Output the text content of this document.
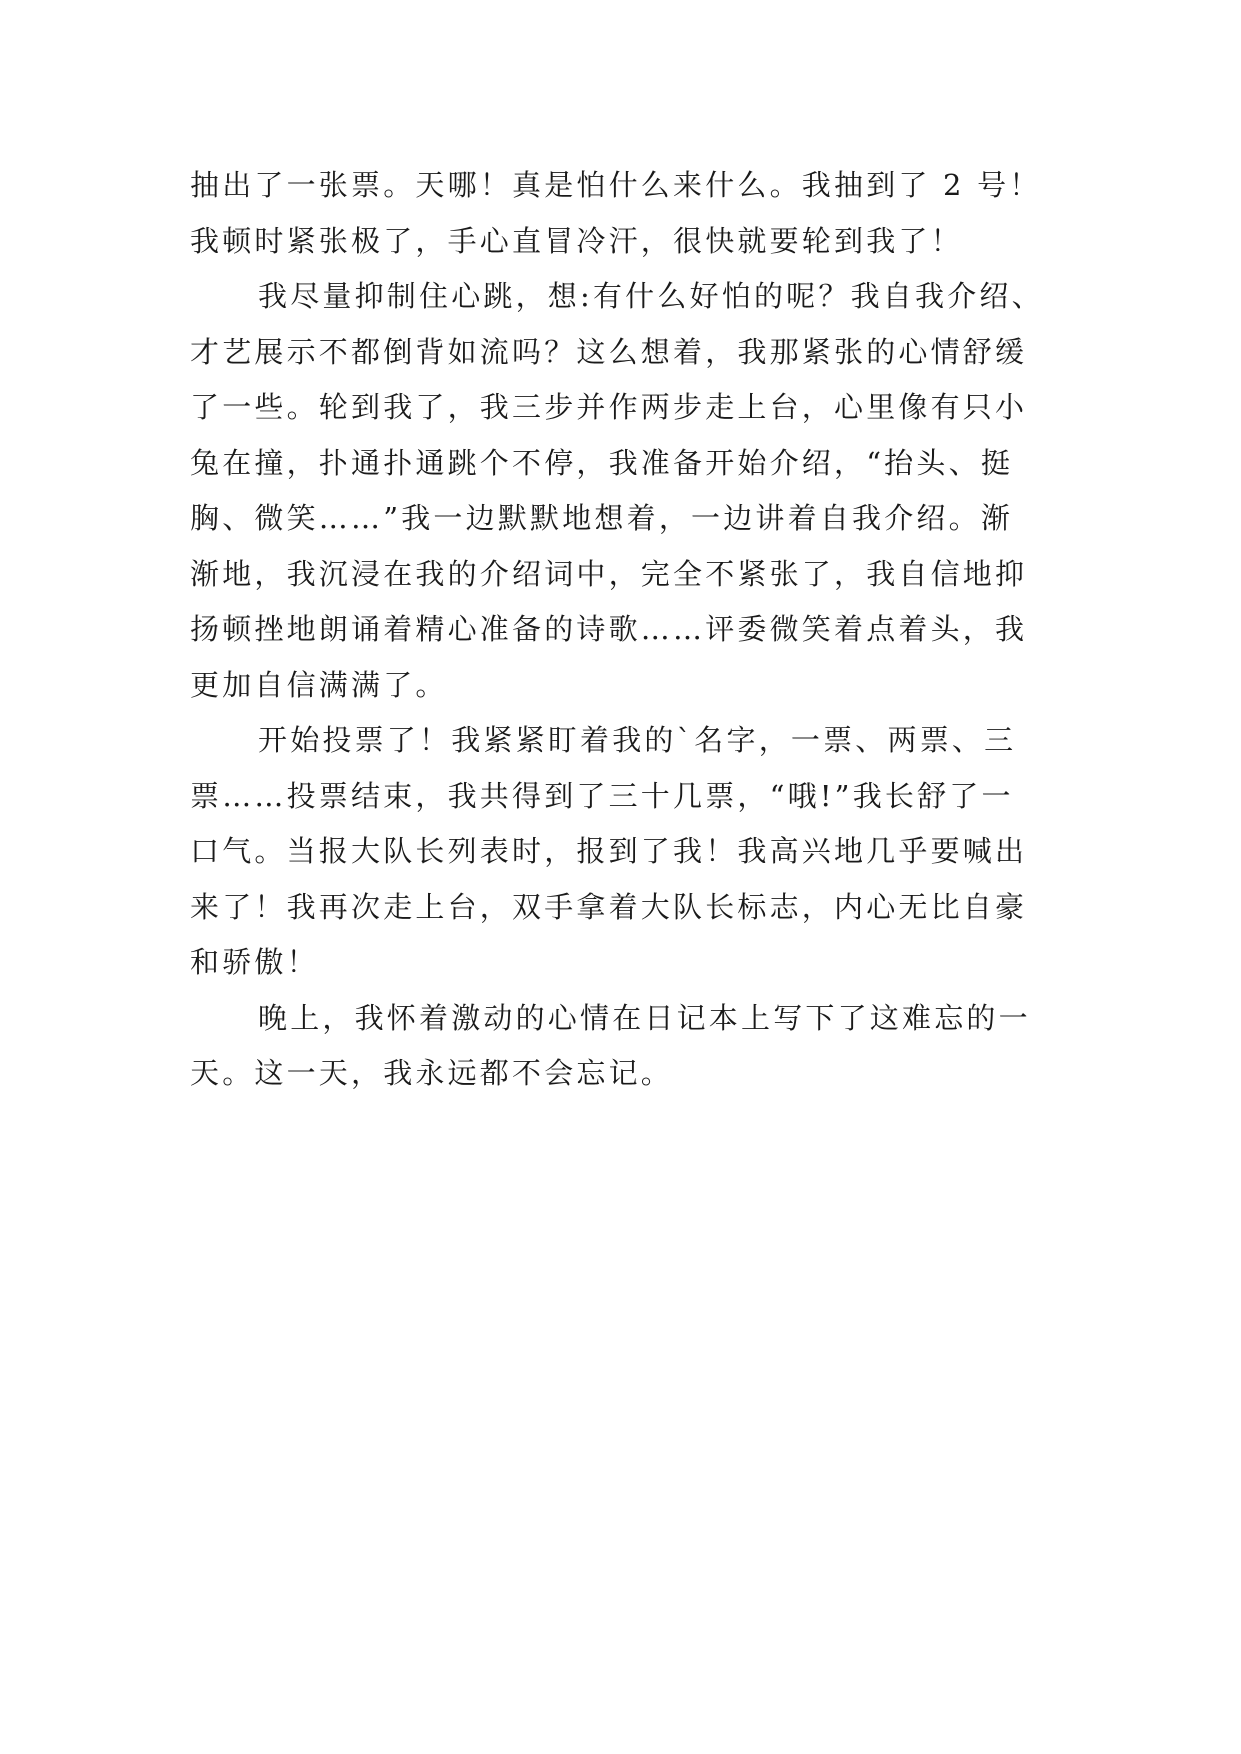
抽出了一张票。天哪！真是怕什么来什么。我抽到了 2 号！
我顿时紧张极了，手心直冒冷汗，很快就要轮到我了！
我尽量抑制住心跳，想:有什么好怕的呢？我自我介绍、
才艺展示不都倒背如流吗？这么想着，我那紧张的心情舒缓
了一些。轮到我了，我三步并作两步走上台，心里像有只小
兔在撞，扑通扑通跳个不停，我准备开始介绍，“抬头、挺
胸、微笑……”我一边默默地想着，一边讲着自我介绍。渐
渐地，我沉浸在我的介绍词中，完全不紧张了，我自信地抑
扬顿挫地朗诵着精心准备的诗歌……评委微笑着点着头，我
更加自信满满了。
开始投票了！我紧紧盯着我的`名字，一票、两票、三
票……投票结束，我共得到了三十几票，“哦!”我长舒了一
口气。当报大队长列表时，报到了我！我高兴地几乎要喊出
来了！我再次走上台，双手拿着大队长标志，内心无比自豪
和骄傲！
晚上，我怀着激动的心情在日记本上写下了这难忘的一
天。这一天，我永远都不会忘记。
